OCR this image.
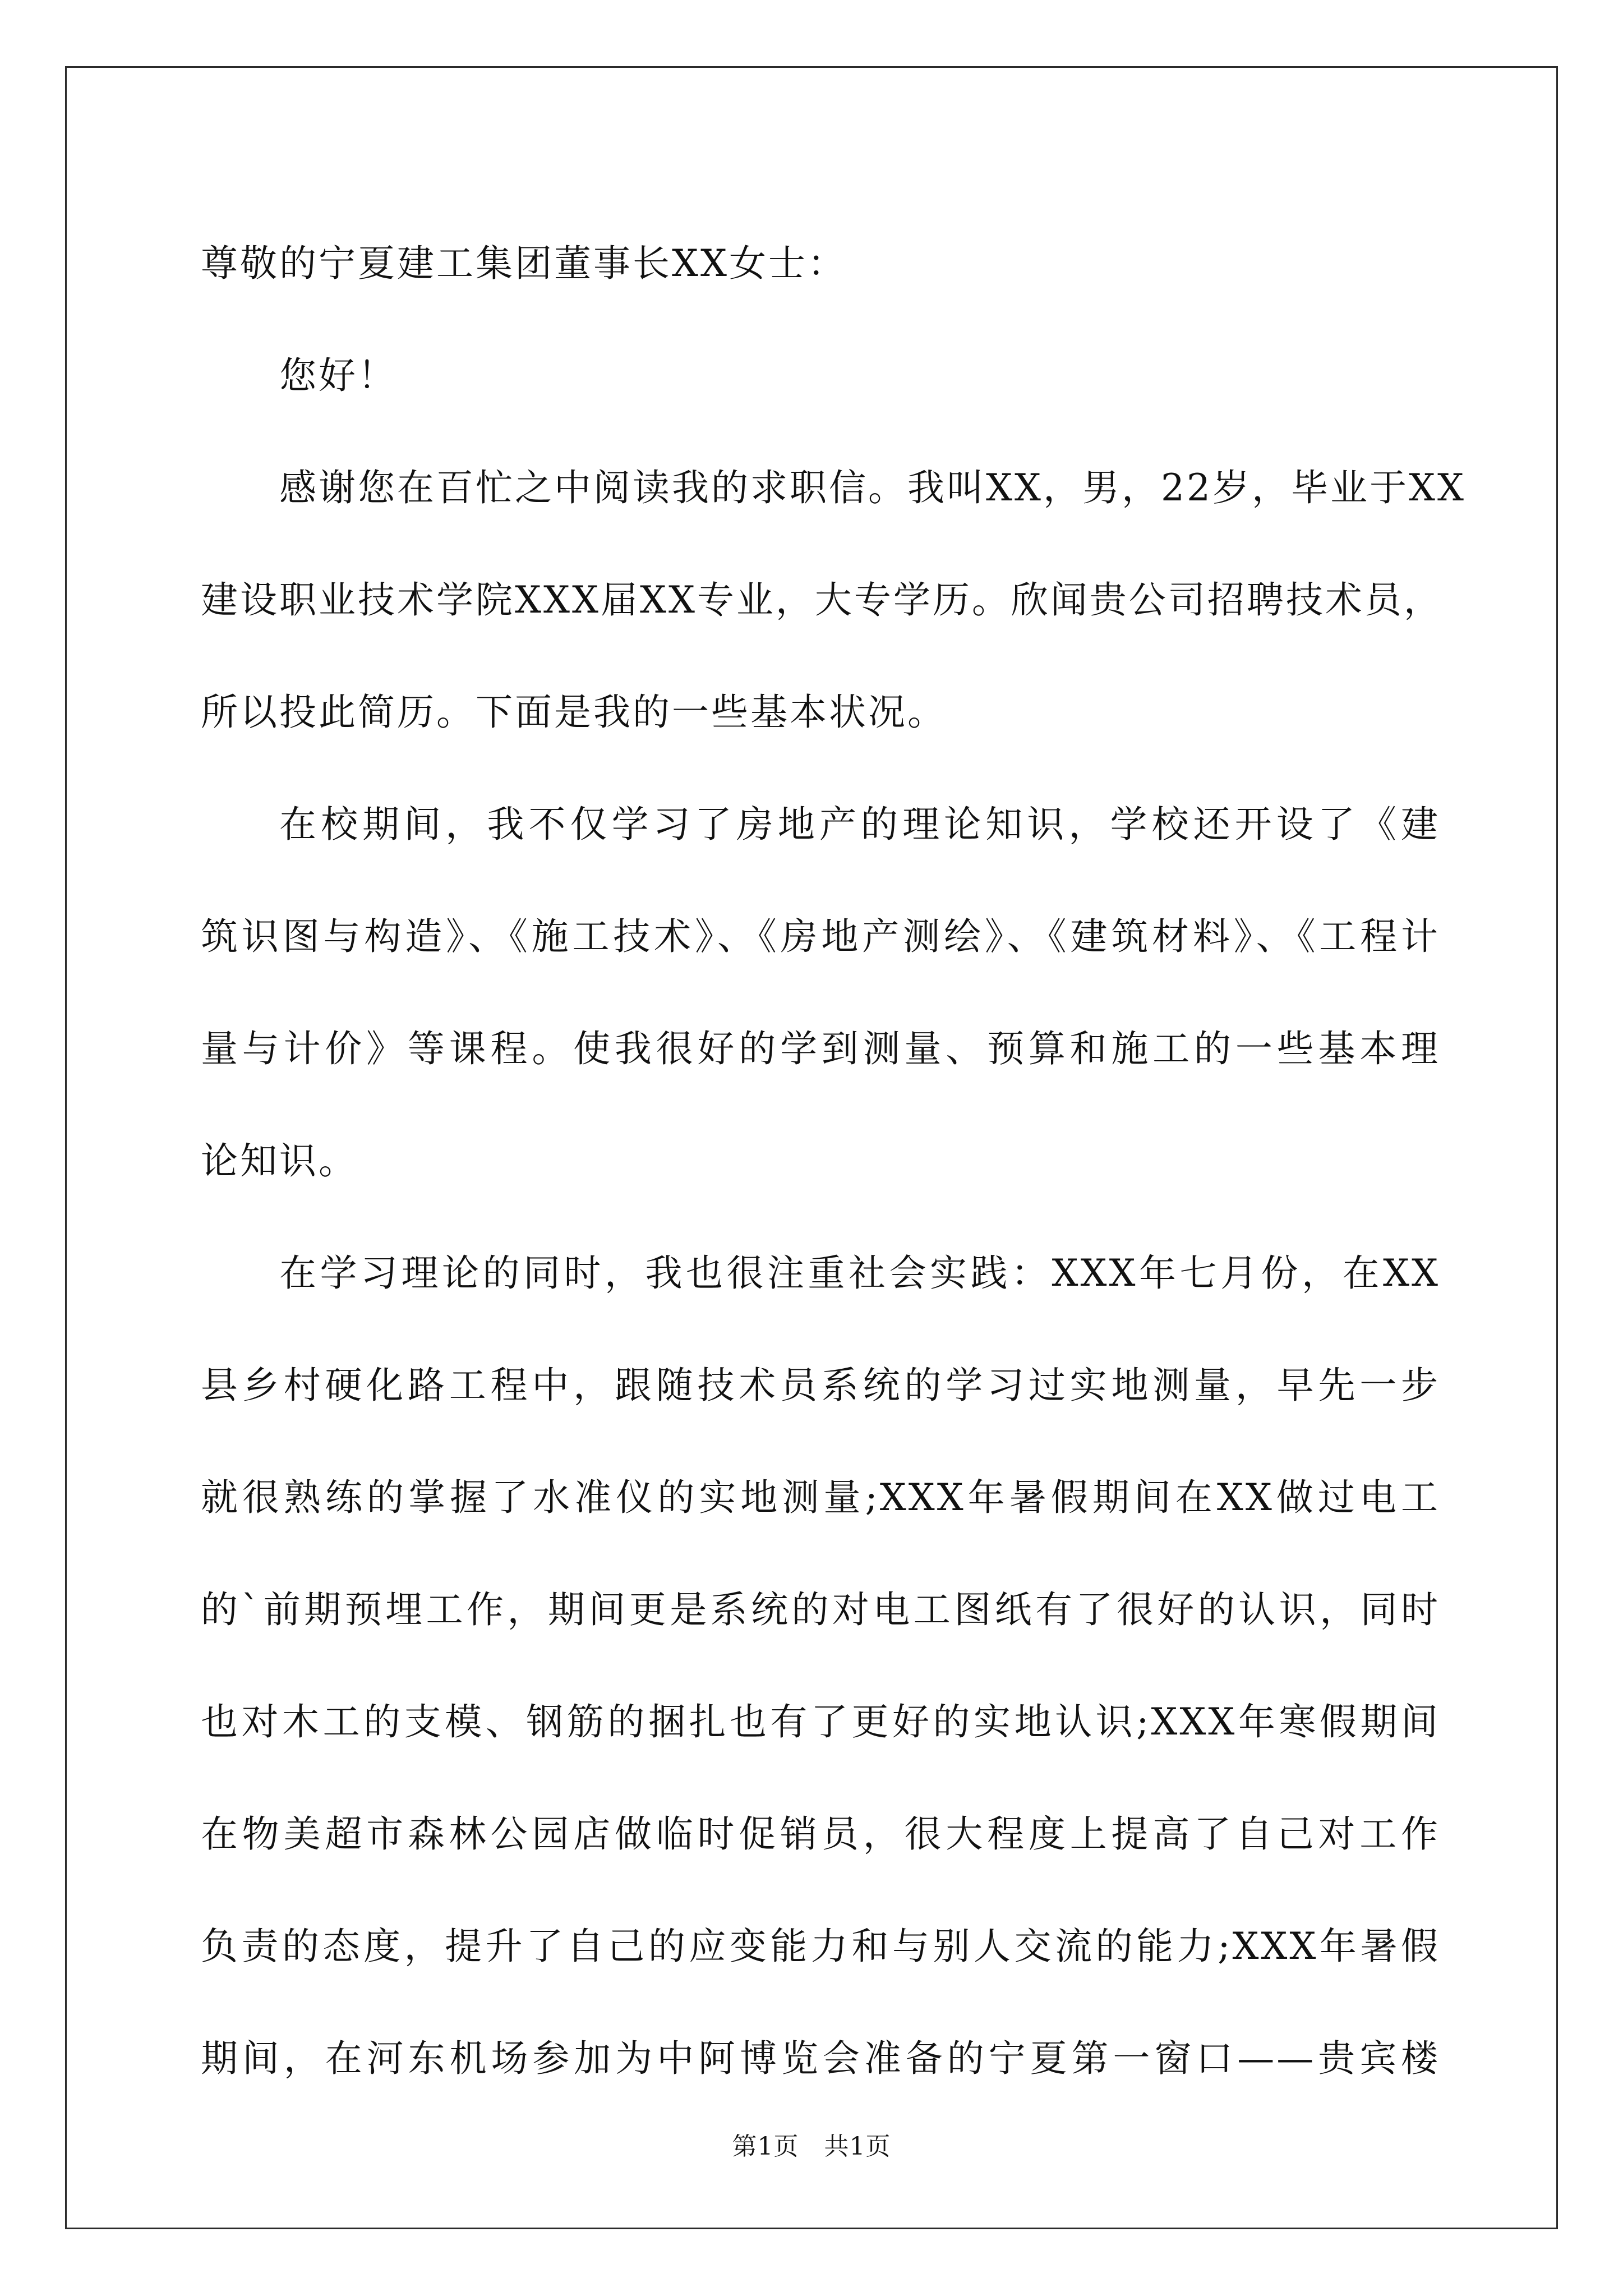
尊敬的宁夏建工集团董事长XX女士：
您好！
感谢您在百忙之中阅读我的求职信。我叫XX，男，22岁，毕业于XX
建设职业技术学院XXX届XX专业，大专学历。欣闻贵公司招聘技术员，
所以投此简历。下面是我的一些基本状况。
在校期间，我不仅学习了房地产的理论知识，学校还开设了《建
筑识图与构造》、《施工技术》、《房地产测绘》、《建筑材料》、《工程计
量与计价》等课程。使我很好的学到测量、预算和施工的一些基本理
论知识。
在学习理论的同时，我也很注重社会实践：XXX年七月份，在XX
县乡村硬化路工程中，跟随技术员系统的学习过实地测量，早先一步
就很熟练的掌握了水准仪的实地测量;XXX年暑假期间在XX做过电工
的`前期预埋工作，期间更是系统的对电工图纸有了很好的认识，同时
也对木工的支模、钢筋的捆扎也有了更好的实地认识;XXX年寒假期间
在物美超市森林公园店做临时促销员，很大程度上提高了自己对工作
负责的态度，提升了自己的应变能力和与别人交流的能力;XXX年暑假
期间，在河东机场参加为中阿博览会准备的宁夏第一窗口——贵宾楼
第1页　共1页
